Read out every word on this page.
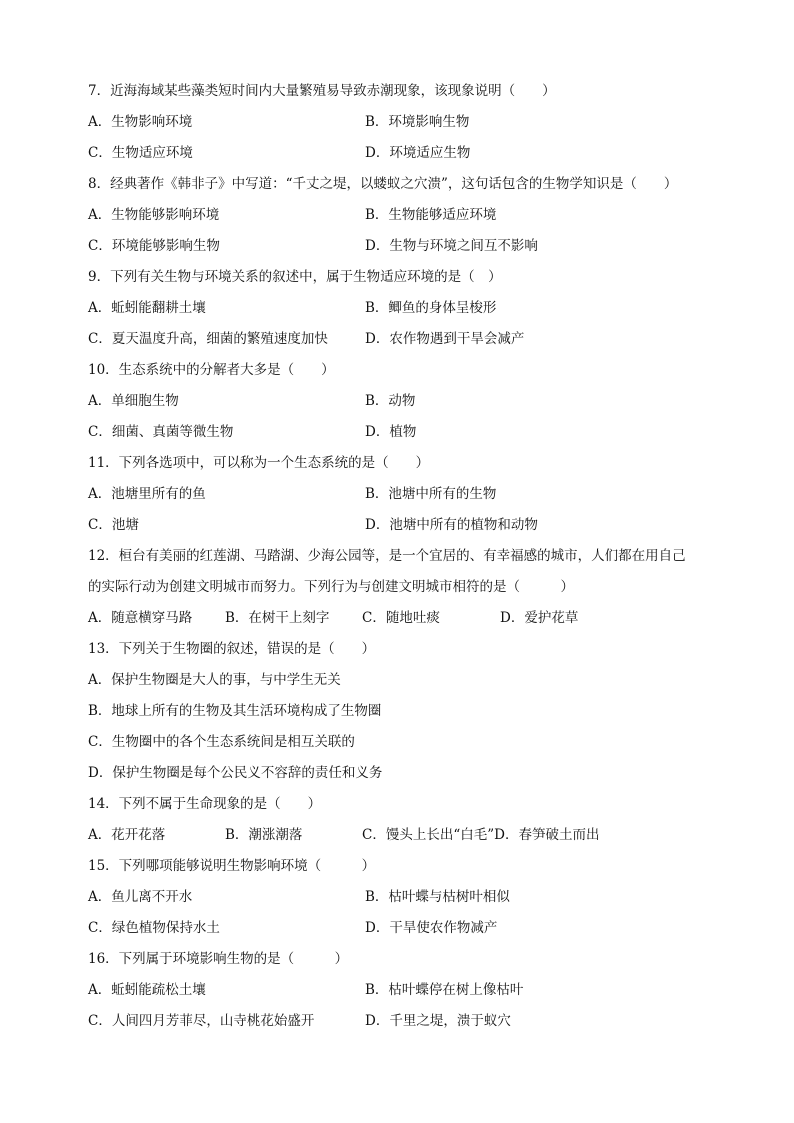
7．近海海域某些藻类短时间内大量繁殖易导致赤潮现象，该现象说明（　　）
A．生物影响环境	B．环境影响生物
C．生物适应环境	D．环境适应生物
8．经典著作《韩非子》中写道：“千丈之堤，以蝼蚁之穴溃”，这句话包含的生物学知识是（　　）
A．生物能够影响环境	B．生物能够适应环境
C．环境能够影响生物	D．生物与环境之间互不影响
9．下列有关生物与环境关系的叙述中，属于生物适应环境的是（　）
A．蚯蚓能翻耕土壤	B．鲫鱼的身体呈梭形
C．夏天温度升高，细菌的繁殖速度加快	D．农作物遇到干旱会减产
10．生态系统中的分解者大多是（　　）
A．单细胞生物	B．动物
C．细菌、真菌等微生物	D．植物
11．下列各选项中，可以称为一个生态系统的是（　　）
A．池塘里所有的鱼	B．池塘中所有的生物
C．池塘	D．池塘中所有的植物和动物
12．桓台有美丽的红莲湖、马踏湖、少海公园等，是一个宜居的、有幸福感的城市，人们都在用自己
的实际行动为创建文明城市而努力。下列行为与创建文明城市相符的是（　　　）
A．随意横穿马路 B．在树干上刻字 C．随地吐痰	D．爱护花草
13．下列关于生物圈的叙述，错误的是（　　）
A．保护生物圈是大人的事，与中学生无关
B．地球上所有的生物及其生活环境构成了生物圈
C．生物圈中的各个生态系统间是相互关联的
D．保护生物圈是每个公民义不容辞的责任和义务
14．下列不属于生命现象的是（　　）
A．花开花落	B．潮涨潮落	C．馒头上长出“白毛”D．春笋破土而出
15．下列哪项能够说明生物影响环境（　　　）
A．鱼儿离不开水	B．枯叶蝶与枯树叶相似
C．绿色植物保持水土	D．干旱使农作物减产
16．下列属于环境影响生物的是（　　　）
A．蚯蚓能疏松土壤	B．枯叶蝶停在树上像枯叶
C．人间四月芳菲尽，山寺桃花始盛开	D．千里之堤，溃于蚁穴
